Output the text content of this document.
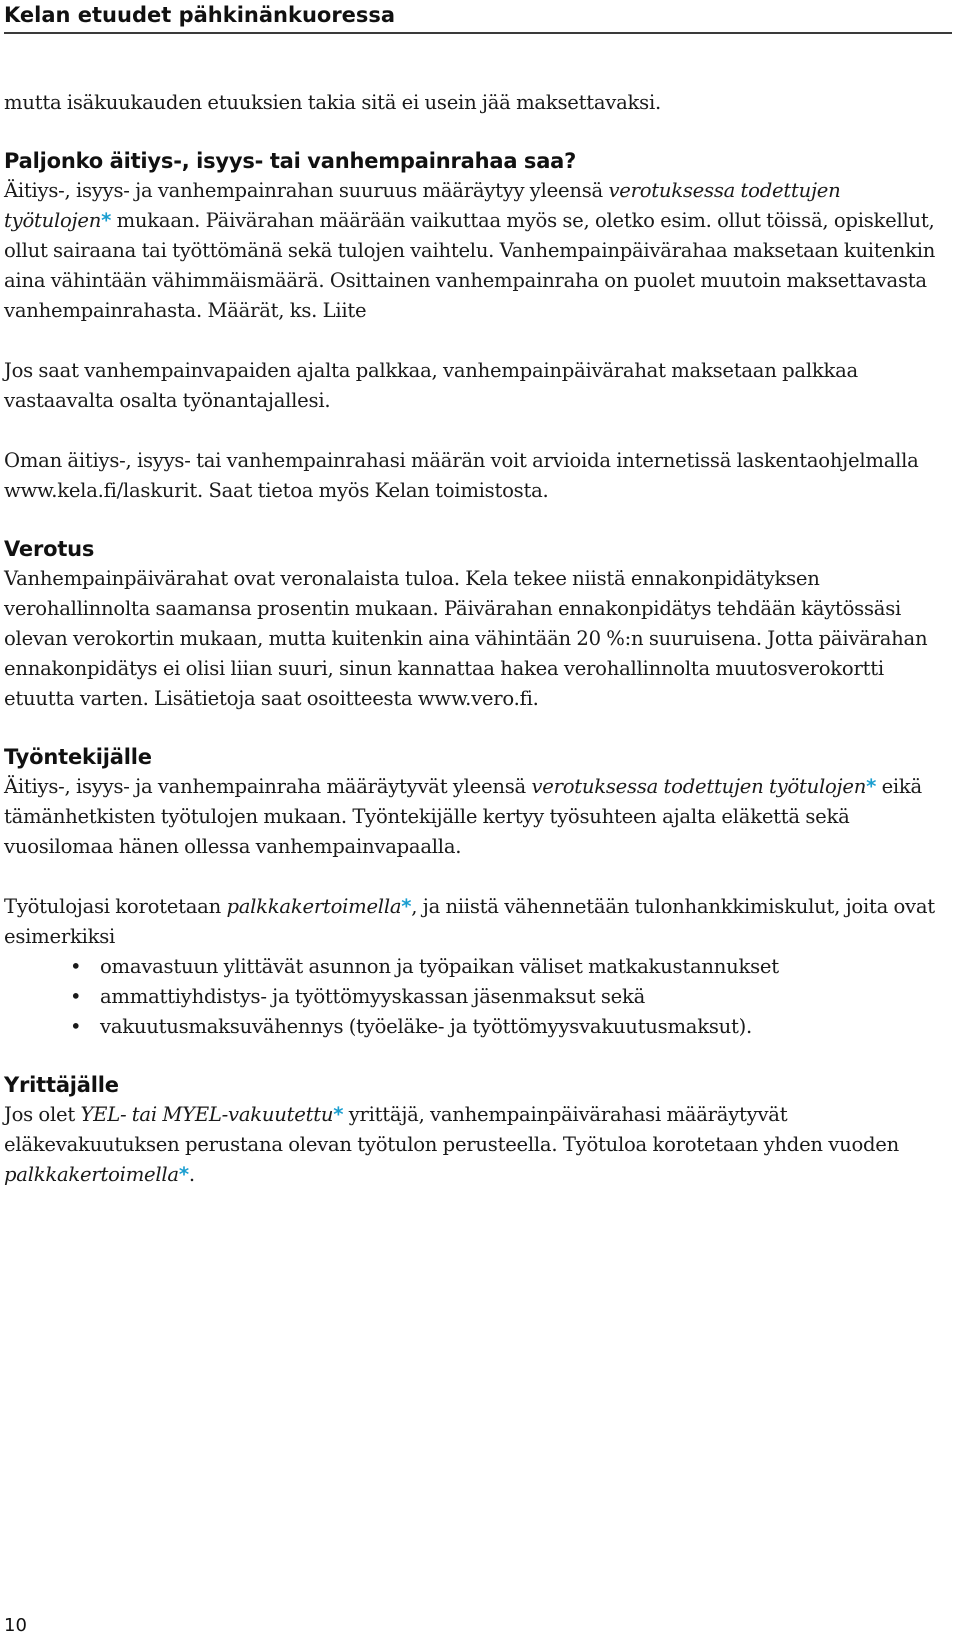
Kelan etuudet pähkinänkuoressa

mutta isäkuukauden etuuksien takia sitä ei usein jää maksettavaksi.

Paljonko äitiys-, isyys- tai vanhempainrahaa saa?

Äitiys-, isyys- ja vanhempainrahan suuruus määräytyy yleensä verotuksessa todettujen työtulojen* mukaan. Päivärahan määrään vaikuttaa myös se, oletko esim. ollut töissä, opiskellut, ollut sairaana tai työttömänä sekä tulojen vaihtelu. Vanhempainpäivärahaa maksetaan kuitenkin aina vähintään vähimmäismäärä. Osittainen vanhempainraha on puolet muutoin maksettavasta vanhempainrahasta. Määrät, ks. Liite

Jos saat vanhempainvapaiden ajalta palkkaa, vanhempainpäivärahat maksetaan palkkaa vastaavalta osalta työnantajallesi.

Oman äitiys-, isyys- tai vanhempainrahasi määrän voit arvioida internetissä laskentaohjelmalla www.kela.fi/laskurit. Saat tietoa myös Kelan toimistosta.

Verotus

Vanhempainpäivärahat ovat veronalaista tuloa. Kela tekee niistä ennakonpidätyksen verohallinnolta saamansa prosentin mukaan. Päivärahan ennakonpidätys tehdään käytössäsi olevan verokortin mukaan, mutta kuitenkin aina vähintään 20 %:n suuruisena. Jotta päivärahan ennakonpidätys ei olisi liian suuri, sinun kannattaa hakea verohallinnolta muutosverokortti etuutta varten. Lisätietoja saat osoitteesta www.vero.fi.

Työntekijälle

Äitiys-, isyys- ja vanhempainraha määräytyvät yleensä verotuksessa todettujen työtulojen* eikä tämänhetkisten työtulojen mukaan. Työntekijälle kertyy työsuhteen ajalta eläkettä sekä vuosilomaa hänen ollessa vanhempainvapaalla.

Työtulojasi korotetaan palkkakertoimella*, ja niistä vähennetään tulonhankkimiskulut, joita ovat esimerkiksi

• omavastuun ylittävät asunnon ja työpaikan väliset matkakustannukset
• ammattiyhdistys- ja työttömyyskassan jäsenmaksut sekä
• vakuutusmaksuvähennys (työeläke- ja työttömyysvakuutusmaksut).
Yrittäjälle

Jos olet YEL- tai MYEL-vakuutettu* yrittäjä, vanhempainpäivärahasi määräytyvät eläkevakuutuksen perustana olevan työtulon perusteella. Työtuloa korotetaan yhden vuoden palkkakertoimella*.

10
